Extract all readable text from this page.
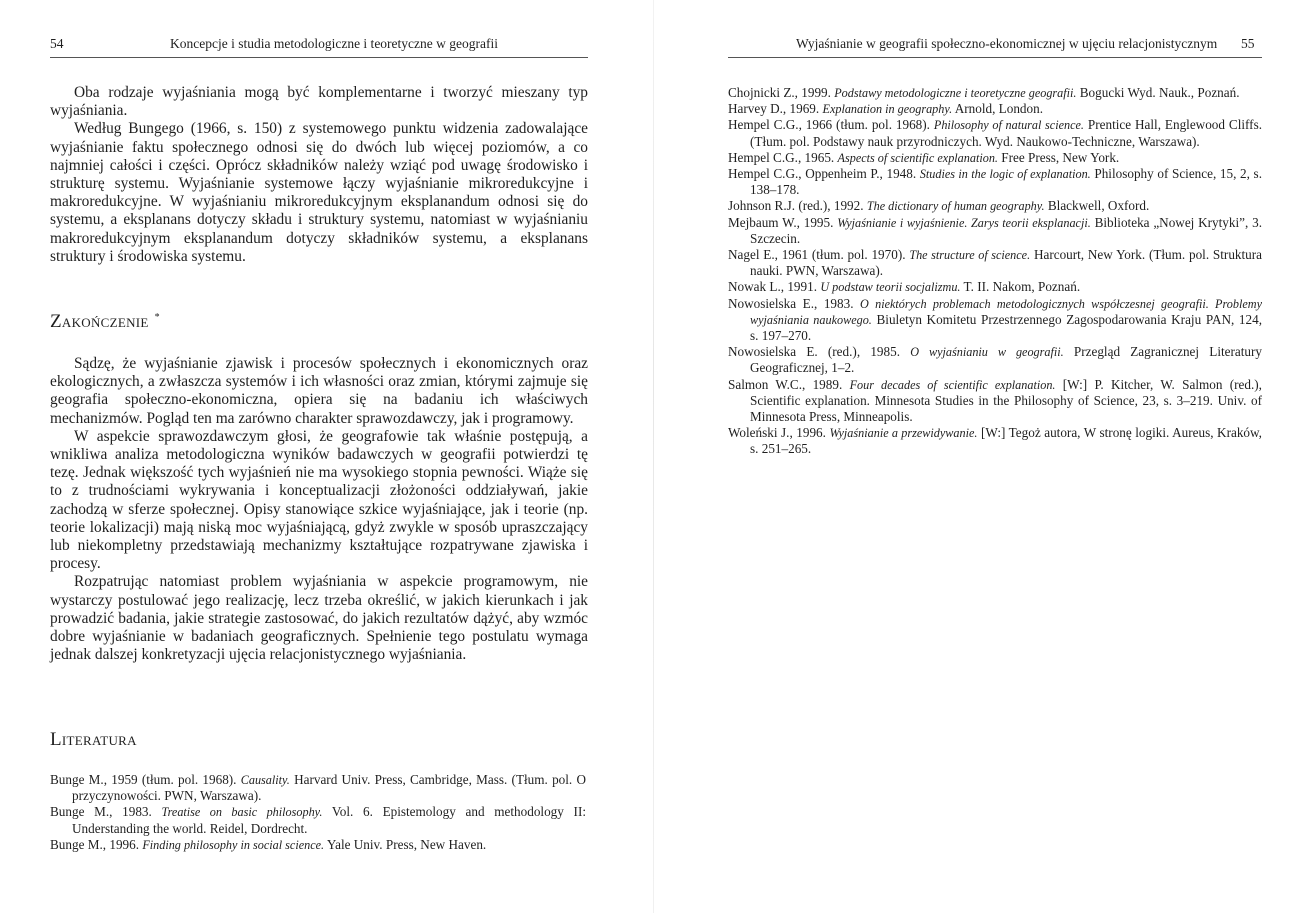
54	Koncepcje i studia metodologiczne i teoretyczne w geografii

Oba rodzaje wyjaśniania mogą być komplementarne i tworzyć mieszany typ wyjaśniania.

Według Bungego (1966, s. 150) z systemowego punktu widzenia zadowalające wyjaśnianie faktu społecznego odnosi się do dwóch lub więcej poziomów, a co najmniej całości i części. Oprócz składników należy wziąć pod uwagę środowisko i strukturę systemu. Wyjaśnianie systemowe łączy wyjaśnianie mikroredukcyjne i makroredukcyjne. W wyjaśnianiu mikroredukcyjnym eksplanandum odnosi się do systemu, a eksplanans dotyczy składu i struktury systemu, natomiast w wyjaśnianiu makroredukcyjnym eksplanandum dotyczy składników systemu, a eksplanans struktury i środowiska systemu.

Zakończenie *

Sądzę, że wyjaśnianie zjawisk i procesów społecznych i ekonomicznych oraz ekologicznych, a zwłaszcza systemów i ich własności oraz zmian, którymi zajmuje się geografia społeczno-ekonomiczna, opiera się na badaniu ich właściwych mechanizmów. Pogląd ten ma zarówno charakter sprawozdawczy, jak i programowy.

W aspekcie sprawozdawczym głosi, że geografowie tak właśnie postępują, a wnikliwa analiza metodologiczna wyników badawczych w geografii potwierdzi tę tezę. Jednak większość tych wyjaśnień nie ma wysokiego stopnia pewności. Wiąże się to z trudnościami wykrywania i konceptualizacji złożoności oddziaływań, jakie zachodzą w sferze społecznej. Opisy stanowiące szkice wyjaśniające, jak i teorie (np. teorie lokalizacji) mają niską moc wyjaśniającą, gdyż zwykle w sposób upraszczający lub niekompletny przedstawiają mechanizmy kształtujące rozpatrywane zjawiska i procesy.

Rozpatrując natomiast problem wyjaśniania w aspekcie programowym, nie wystarczy postulować jego realizację, lecz trzeba określić, w jakich kierunkach i jak prowadzić badania, jakie strategie zastosować, do jakich rezultatów dążyć, aby wzmóc dobre wyjaśnianie w badaniach geograficznych. Spełnienie tego postulatu wymaga jednak dalszej konkretyzacji ujęcia relacjonistycznego wyjaśniania.

Literatura

Bunge M., 1959 (tłum. pol. 1968). Causality. Harvard Univ. Press, Cambridge, Mass. (Tłum. pol. O przyczynowości. PWN, Warszawa).

Bunge M., 1983. Treatise on basic philosophy. Vol. 6. Epistemology and methodology II: Understanding the world. Reidel, Dordrecht.

Bunge M., 1996. Finding philosophy in social science. Yale Univ. Press, New Haven.

Wyjaśnianie w geografii społeczno-ekonomicznej w ujęciu relacjonistycznym 55

Chojnicki Z., 1999. Podstawy metodologiczne i teoretyczne geografii. Bogucki Wyd. Nauk., Poznań.

Harvey D., 1969. Explanation in geography. Arnold, London.

Hempel C.G., 1966 (tłum. pol. 1968). Philosophy of natural science. Prentice Hall, Englewood Cliffs. (Tłum. pol. Podstawy nauk przyrodniczych. Wyd. Naukowo-Techniczne, Warszawa).

Hempel C.G., 1965. Aspects of scientific explanation. Free Press, New York.

Hempel C.G., Oppenheim P., 1948. Studies in the logic of explanation. Philosophy of Science, 15, 2, s. 138–178.

Johnson R.J. (red.), 1992. The dictionary of human geography. Blackwell, Oxford.

Mejbaum W., 1995. Wyjaśnianie i wyjaśnienie. Zarys teorii eksplanacji. Biblioteka „Nowej Krytyki”, 3. Szczecin.

Nagel E., 1961 (tłum. pol. 1970). The structure of science. Harcourt, New York. (Tłum. pol. Struktura nauki. PWN, Warszawa).

Nowak L., 1991. U podstaw teorii socjalizmu. T. II. Nakom, Poznań.

Nowosielska E., 1983. O niektórych problemach metodologicznych współczesnej geografii. Problemy wyjaśniania naukowego. Biuletyn Komitetu Przestrzennego Zagospodarowania Kraju PAN, 124, s. 197–270.

Nowosielska E. (red.), 1985. O wyjaśnianiu w geografii. Przegląd Zagranicznej Literatury Geograficznej, 1–2.

Salmon W.C., 1989. Four decades of scientific explanation. [W:] P. Kitcher, W. Salmon (red.), Scientific explanation. Minnesota Studies in the Philosophy of Science, 23, s. 3–219. Univ. of Minnesota Press, Minneapolis.

Woleński J., 1996. Wyjaśnianie a przewidywanie. [W:] Tegoż autora, W stronę logiki. Aureus, Kraków, s. 251–265.
